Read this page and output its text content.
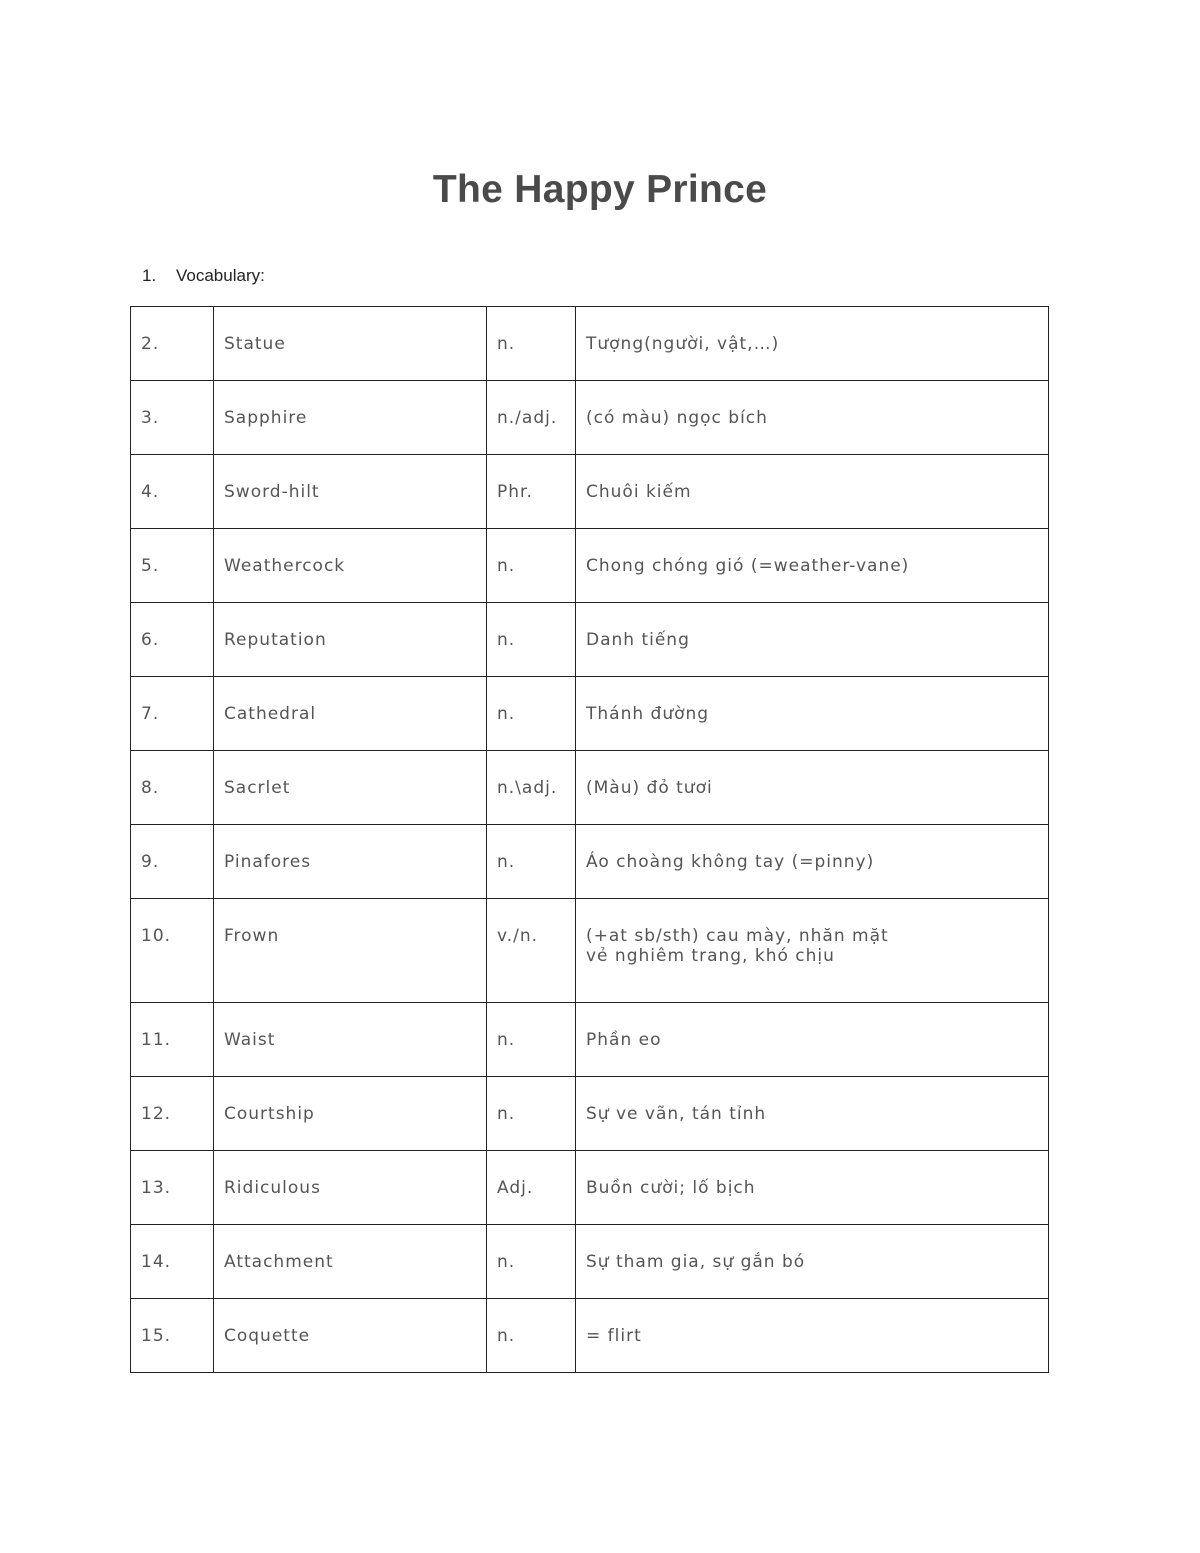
The Happy Prince
1. Vocabulary:
2.	Statue	n.	Tượng(người, vật,…)

3.	Sapphire	n./adj.	(có màu) ngọc bích

4.	Sword-hilt	Phr.	Chuôi kiếm

5.	Weathercock	n.	Chong chóng gió (=weather-vane)

6.	Reputation	n.	Danh tiếng

7.	Cathedral	n.	Thánh đường

8.	Sacrlet	n.\adj.	(Màu) đỏ tươi

9.	Pinafores	n.	Áo choàng không tay (=pinny)

10.	Frown	v./n.	(+at sb/sth) cau mày, nhăn mặt
vẻ nghiêm trang, khó chịu

11.	Waist	n.	Phần eo

12.	Courtship	n.	Sự ve vãn, tán tỉnh

13.	Ridiculous	Adj.	Buồn cười; lố bịch

14.	Attachment	n.	Sự tham gia, sự gắn bó

15.	Coquette	n.	= flirt
